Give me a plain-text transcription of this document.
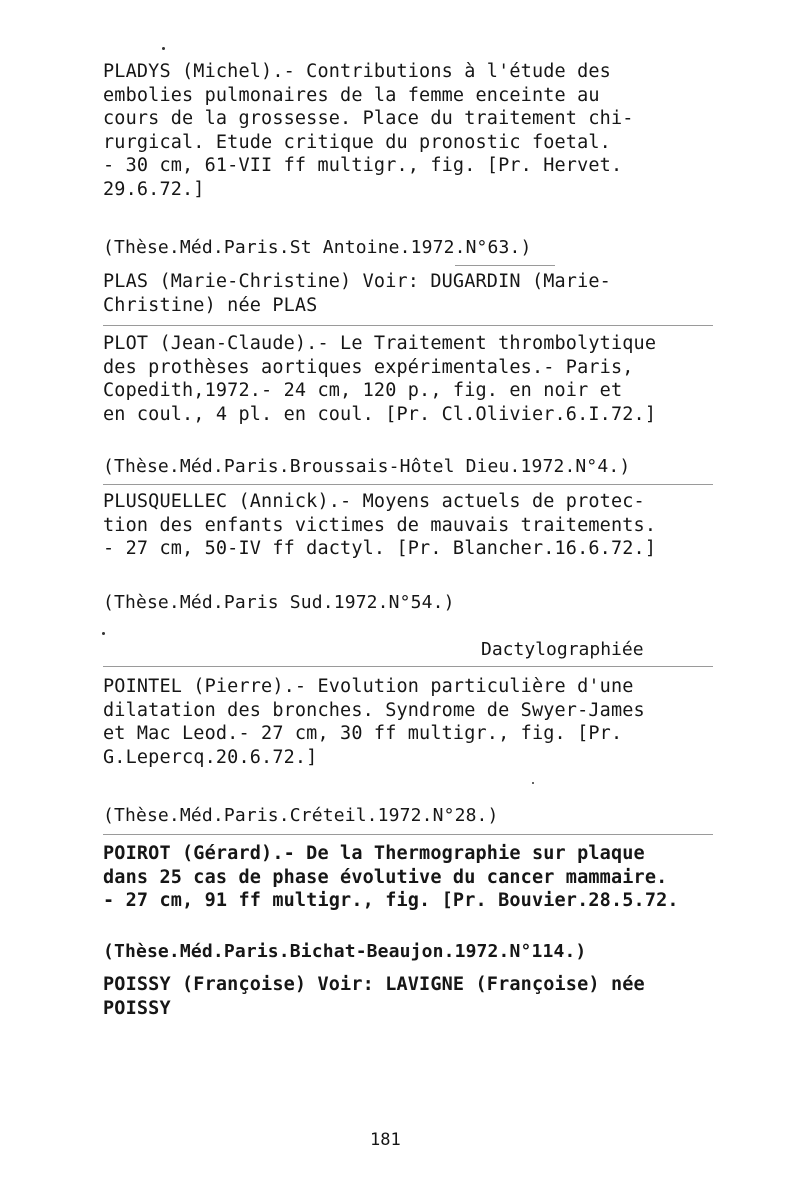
PLADYS (Michel).- Contributions à l'étude des
embolies pulmonaires de la femme enceinte au
cours de la grossesse. Place du traitement chi-
rurgical. Etude critique du pronostic foetal.
- 30 cm, 61-VII ff multigr., fig. [Pr. Hervet.
29.6.72.]
(Thèse.Méd.Paris.St Antoine.1972.N°63.)
PLAS (Marie-Christine) Voir: DUGARDIN (Marie-
Christine) née PLAS
PLOT (Jean-Claude).- Le Traitement thrombolytique
des prothèses aortiques expérimentales.- Paris,
Copedith,1972.- 24 cm, 120 p., fig. en noir et
en coul., 4 pl. en coul. [Pr. Cl.Olivier.6.I.72.]
(Thèse.Méd.Paris.Broussais-Hôtel Dieu.1972.N°4.)
PLUSQUELLEC (Annick).- Moyens actuels de protec-
tion des enfants victimes de mauvais traitements.
- 27 cm, 50-IV ff dactyl. [Pr. Blancher.16.6.72.]
(Thèse.Méd.Paris Sud.1972.N°54.)
Dactylographiée
POINTEL (Pierre).- Evolution particulière d'une
dilatation des bronches. Syndrome de Swyer-James
et Mac Leod.- 27 cm, 30 ff multigr., fig. [Pr.
G.Lepercq.20.6.72.]
(Thèse.Méd.Paris.Créteil.1972.N°28.)
POIROT (Gérard).- De la Thermographie sur plaque
dans 25 cas de phase évolutive du cancer mammaire.
- 27 cm, 91 ff multigr., fig. [Pr. Bouvier.28.5.72.
(Thèse.Méd.Paris.Bichat-Beaujon.1972.N°114.)
POISSY (Françoise) Voir: LAVIGNE (Françoise) née
POISSY
181
